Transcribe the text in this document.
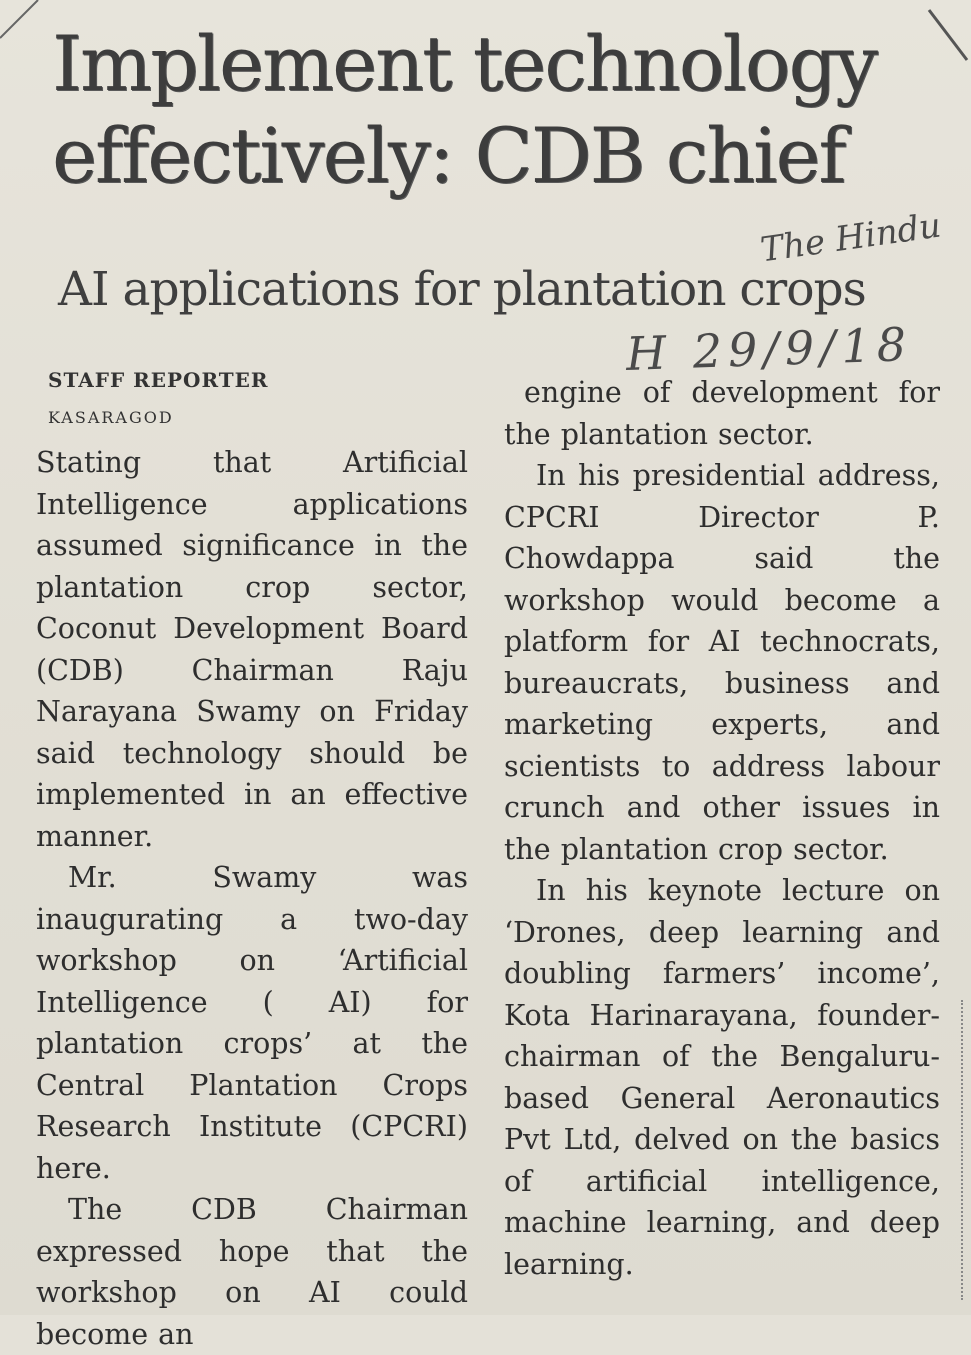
Implement technology effectively: CDB chief
AI applications for plantation crops
The Hindu
H 29/9/18
STAFF REPORTER
KASARAGOD

Stating that Artificial Intelligence applications assumed significance in the plantation crop sector, Coconut Development Board (CDB) Chairman Raju Narayana Swamy on Friday said technology should be implemented in an effective manner.

Mr. Swamy was inaugurating a two-day workshop on ‘Artificial Intelligence ( AI) for plantation crops’ at the Central Plantation Crops Research Institute (CPCRI) here.

The CDB Chairman expressed hope that the workshop on AI could become an

engine of development for the plantation sector.

In his presidential address, CPCRI Director P. Chowdappa said the workshop would become a platform for AI technocrats, bureaucrats, business and marketing experts, and scientists to address labour crunch and other issues in the plantation crop sector.

In his keynote lecture on ‘Drones, deep learning and doubling farmers’ income’, Kota Harinarayana, founder-chairman of the Bengaluru-based General Aeronautics Pvt Ltd, delved on the basics of artificial intelligence, machine learning, and deep learning.
